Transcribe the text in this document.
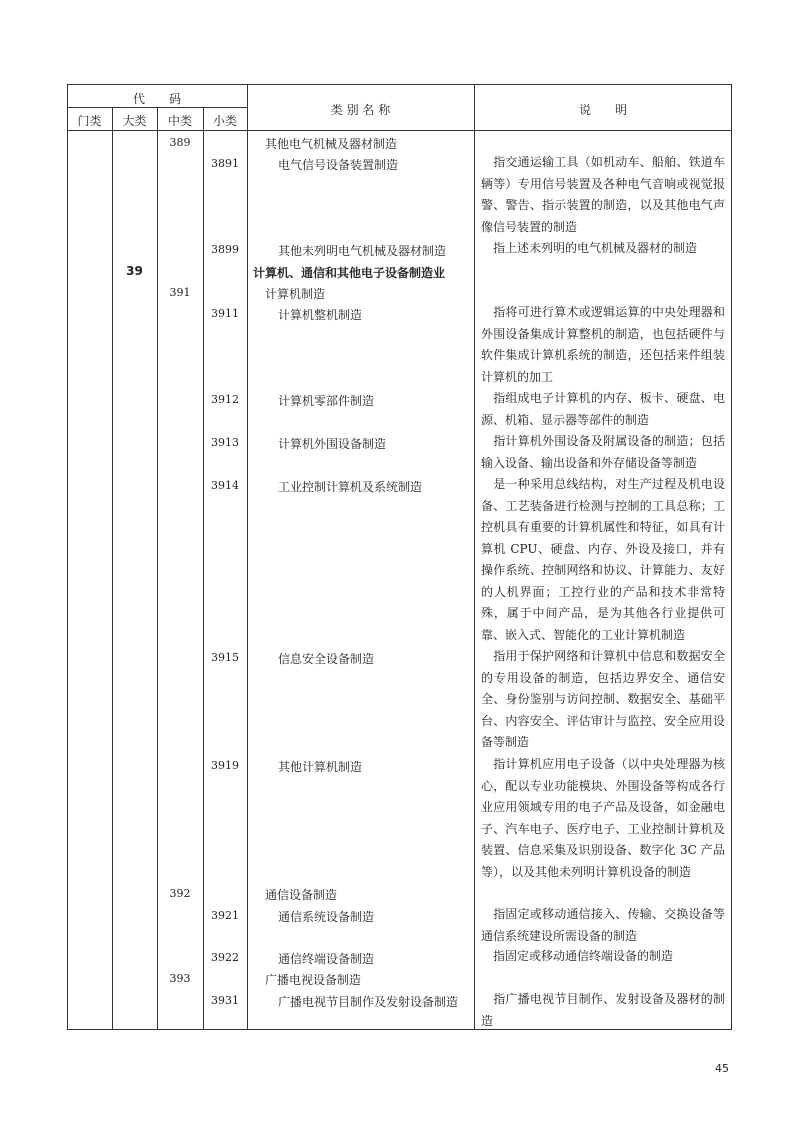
代　　码
门类	大类	中类	小类
类 别 名 称	说　　明
389	其他电气机械及器材制造
3891	电气信号设备装置制造	指交通运输工具（如机动车、船舶、铁道车辆等）专用信号装置及各种电气音响或视觉报警、警告、指示装置的制造，以及其他电气声像信号装置的制造
3899	其他未列明电气机械及器材制造	指上述未列明的电气机械及器材的制造
39	计算机、通信和其他电子设备制造业
391	计算机制造
3911	计算机整机制造	指将可进行算术或逻辑运算的中央处理器和外围设备集成计算整机的制造，也包括硬件与软件集成计算机系统的制造，还包括来件组装计算机的加工
3912	计算机零部件制造	指组成电子计算机的内存、板卡、硬盘、电源、机箱、显示器等部件的制造
3913	计算机外围设备制造	指计算机外围设备及附属设备的制造；包括输入设备、输出设备和外存储设备等制造
3914	工业控制计算机及系统制造	是一种采用总线结构，对生产过程及机电设备、工艺装备进行检测与控制的工具总称；工控机具有重要的计算机属性和特征，如具有计算机 CPU、硬盘、内存、外设及接口，并有操作系统、控制网络和协议、计算能力、友好的人机界面；工控行业的产品和技术非常特殊，属于中间产品，是为其他各行业提供可靠、嵌入式、智能化的工业计算机制造
3915	信息安全设备制造	指用于保护网络和计算机中信息和数据安全的专用设备的制造，包括边界安全、通信安全、身份鉴别与访问控制、数据安全、基础平台、内容安全、评估审计与监控、安全应用设备等制造
3919	其他计算机制造	指计算机应用电子设备（以中央处理器为核心，配以专业功能模块、外围设备等构成各行业应用领域专用的电子产品及设备，如金融电子、汽车电子、医疗电子、工业控制计算机及装置、信息采集及识别设备、数字化 3C 产品等），以及其他未列明计算机设备的制造
392	通信设备制造
3921	通信系统设备制造	指固定或移动通信接入、传输、交换设备等通信系统建设所需设备的制造
3922	通信终端设备制造	指固定或移动通信终端设备的制造
393	广播电视设备制造
3931	广播电视节目制作及发射设备制造	指广播电视节目制作、发射设备及器材的制造
45
